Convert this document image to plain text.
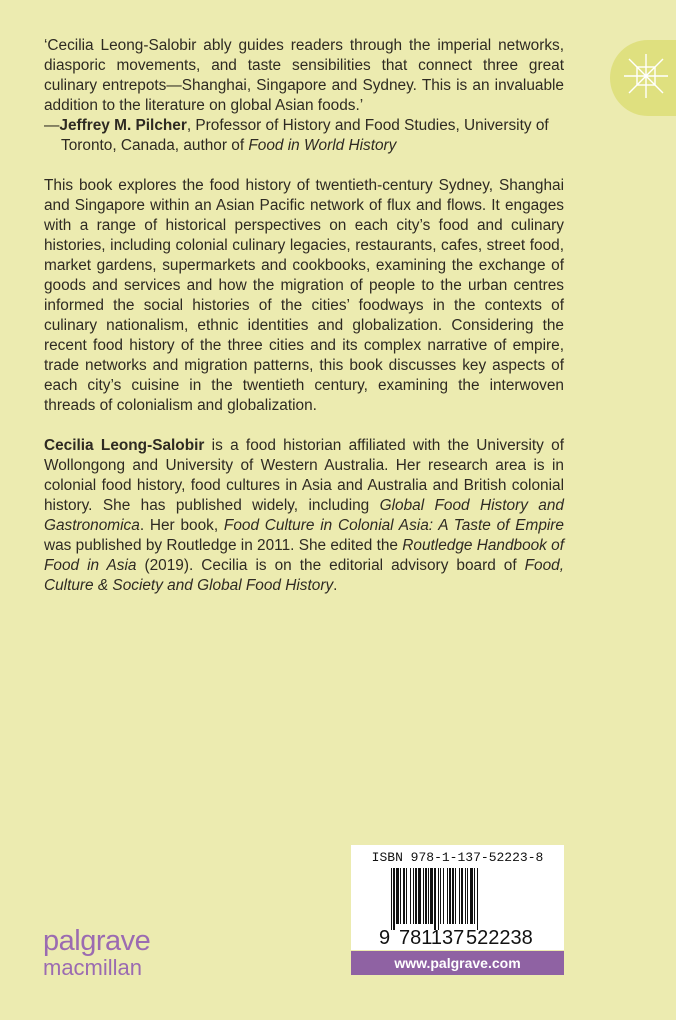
‘Cecilia Leong-Salobir ably guides readers through the imperial networks, diasporic movements, and taste sensibilities that connect three great culinary entrepots—Shanghai, Singapore and Sydney. This is an invaluable addition to the literature on global Asian foods.’

—Jeffrey M. Pilcher, Professor of History and Food Studies, University of
Toronto, Canada, author of Food in World History

This book explores the food history of twentieth-century Sydney, Shanghai and Singapore within an Asian Pacific network of flux and flows. It engages with a range of historical perspectives on each city’s food and culinary histories, including colonial culinary legacies, restaurants, cafes, street food, market gardens, supermarkets and cookbooks, examining the exchange of goods and services and how the migration of people to the urban centres informed the social histories of the cities’ foodways in the contexts of culinary nationalism, ethnic identities and globalization. Considering the recent food history of the three cities and its complex narrative of empire, trade networks and migration patterns, this book discusses key aspects of each city’s cuisine in the twentieth century, examining the interwoven threads of colonialism and globalization.

Cecilia Leong-Salobir is a food historian affiliated with the University of Wollongong and University of Western Australia. Her research area is in colonial food history, food cultures in Asia and Australia and British colonial history. She has published widely, including Global Food History and Gastronomica. Her book, Food Culture in Colonial Asia: A Taste of Empire was published by Routledge in 2011. She edited the Routledge Handbook of Food in Asia (2019). Cecilia is on the editorial advisory board of Food, Culture & Society and Global Food History.

ISBN 978-1-137-52223-8
9 781137 522238
www.palgrave.com
palgrave
macmillan
